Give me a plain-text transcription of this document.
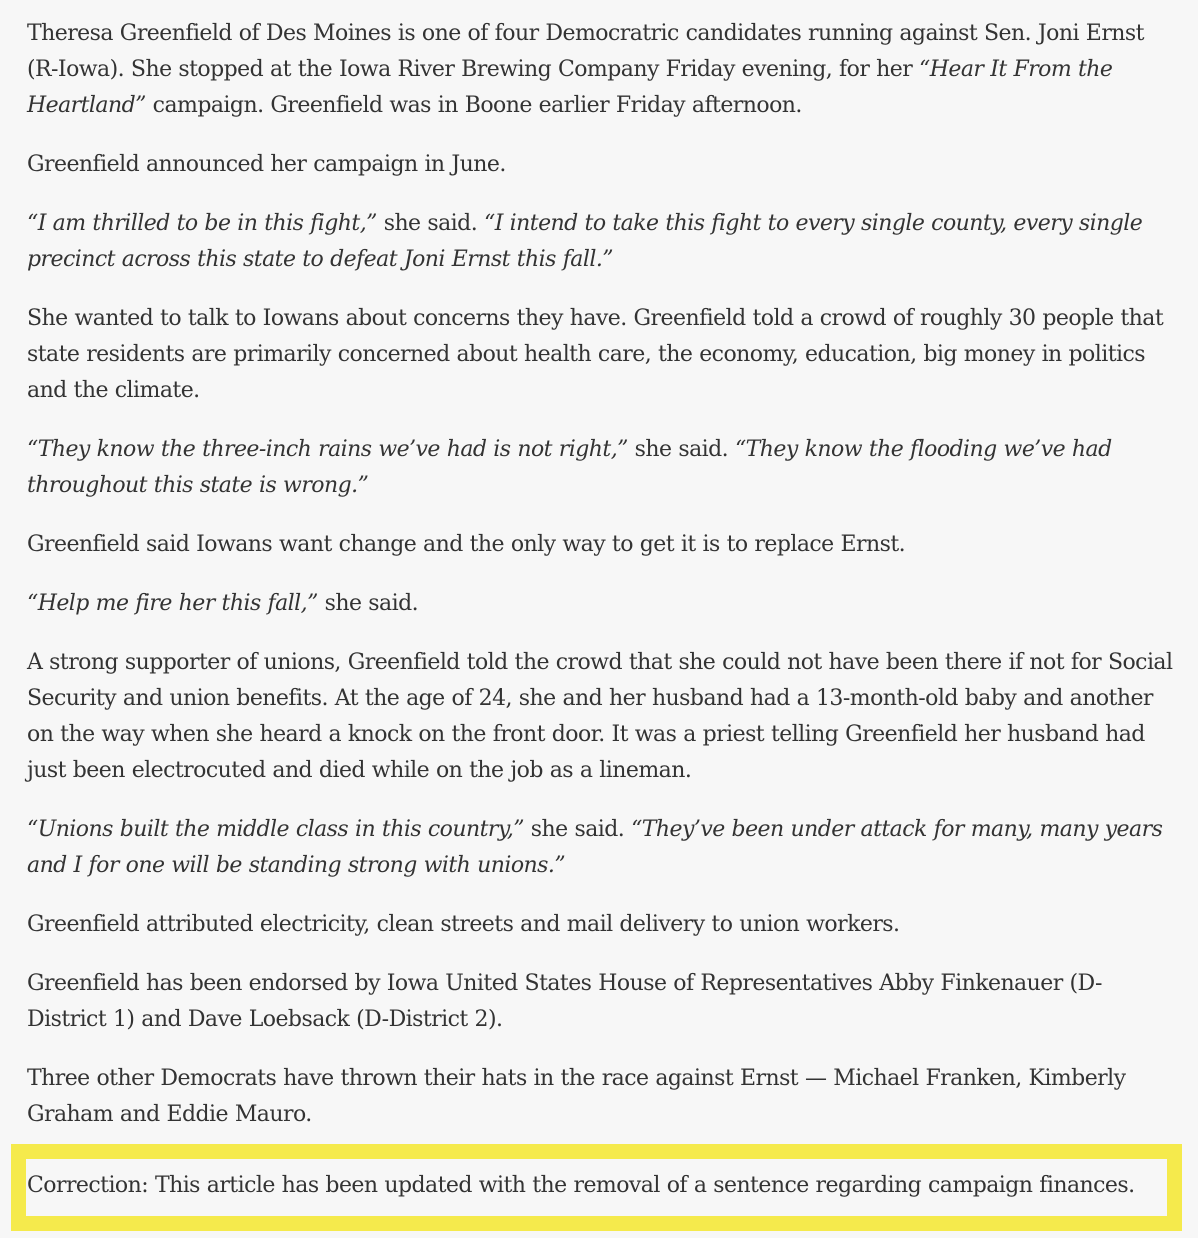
Theresa Greenfield of Des Moines is one of four Democratric candidates running against Sen. Joni Ernst (R-Iowa). She stopped at the Iowa River Brewing Company Friday evening, for her “Hear It From the Heartland” campaign. Greenfield was in Boone earlier Friday afternoon.

Greenfield announced her campaign in June.

“I am thrilled to be in this fight,” she said. “I intend to take this fight to every single county, every single precinct across this state to defeat Joni Ernst this fall.”

She wanted to talk to Iowans about concerns they have. Greenfield told a crowd of roughly 30 people that state residents are primarily concerned about health care, the economy, education, big money in politics and the climate.

“They know the three-inch rains we’ve had is not right,” she said. “They know the flooding we’ve had throughout this state is wrong.”

Greenfield said Iowans want change and the only way to get it is to replace Ernst.

“Help me fire her this fall,” she said.

A strong supporter of unions, Greenfield told the crowd that she could not have been there if not for Social Security and union benefits. At the age of 24, she and her husband had a 13-month-old baby and another on the way when she heard a knock on the front door. It was a priest telling Greenfield her husband had just been electrocuted and died while on the job as a lineman.

“Unions built the middle class in this country,” she said. “They’ve been under attack for many, many years and I for one will be standing strong with unions.”

Greenfield attributed electricity, clean streets and mail delivery to union workers.

Greenfield has been endorsed by Iowa United States House of Representatives Abby Finkenauer (D-District 1) and Dave Loebsack (D-District 2).

Three other Democrats have thrown their hats in the race against Ernst — Michael Franken, Kimberly Graham and Eddie Mauro.

Correction: This article has been updated with the removal of a sentence regarding campaign finances.
